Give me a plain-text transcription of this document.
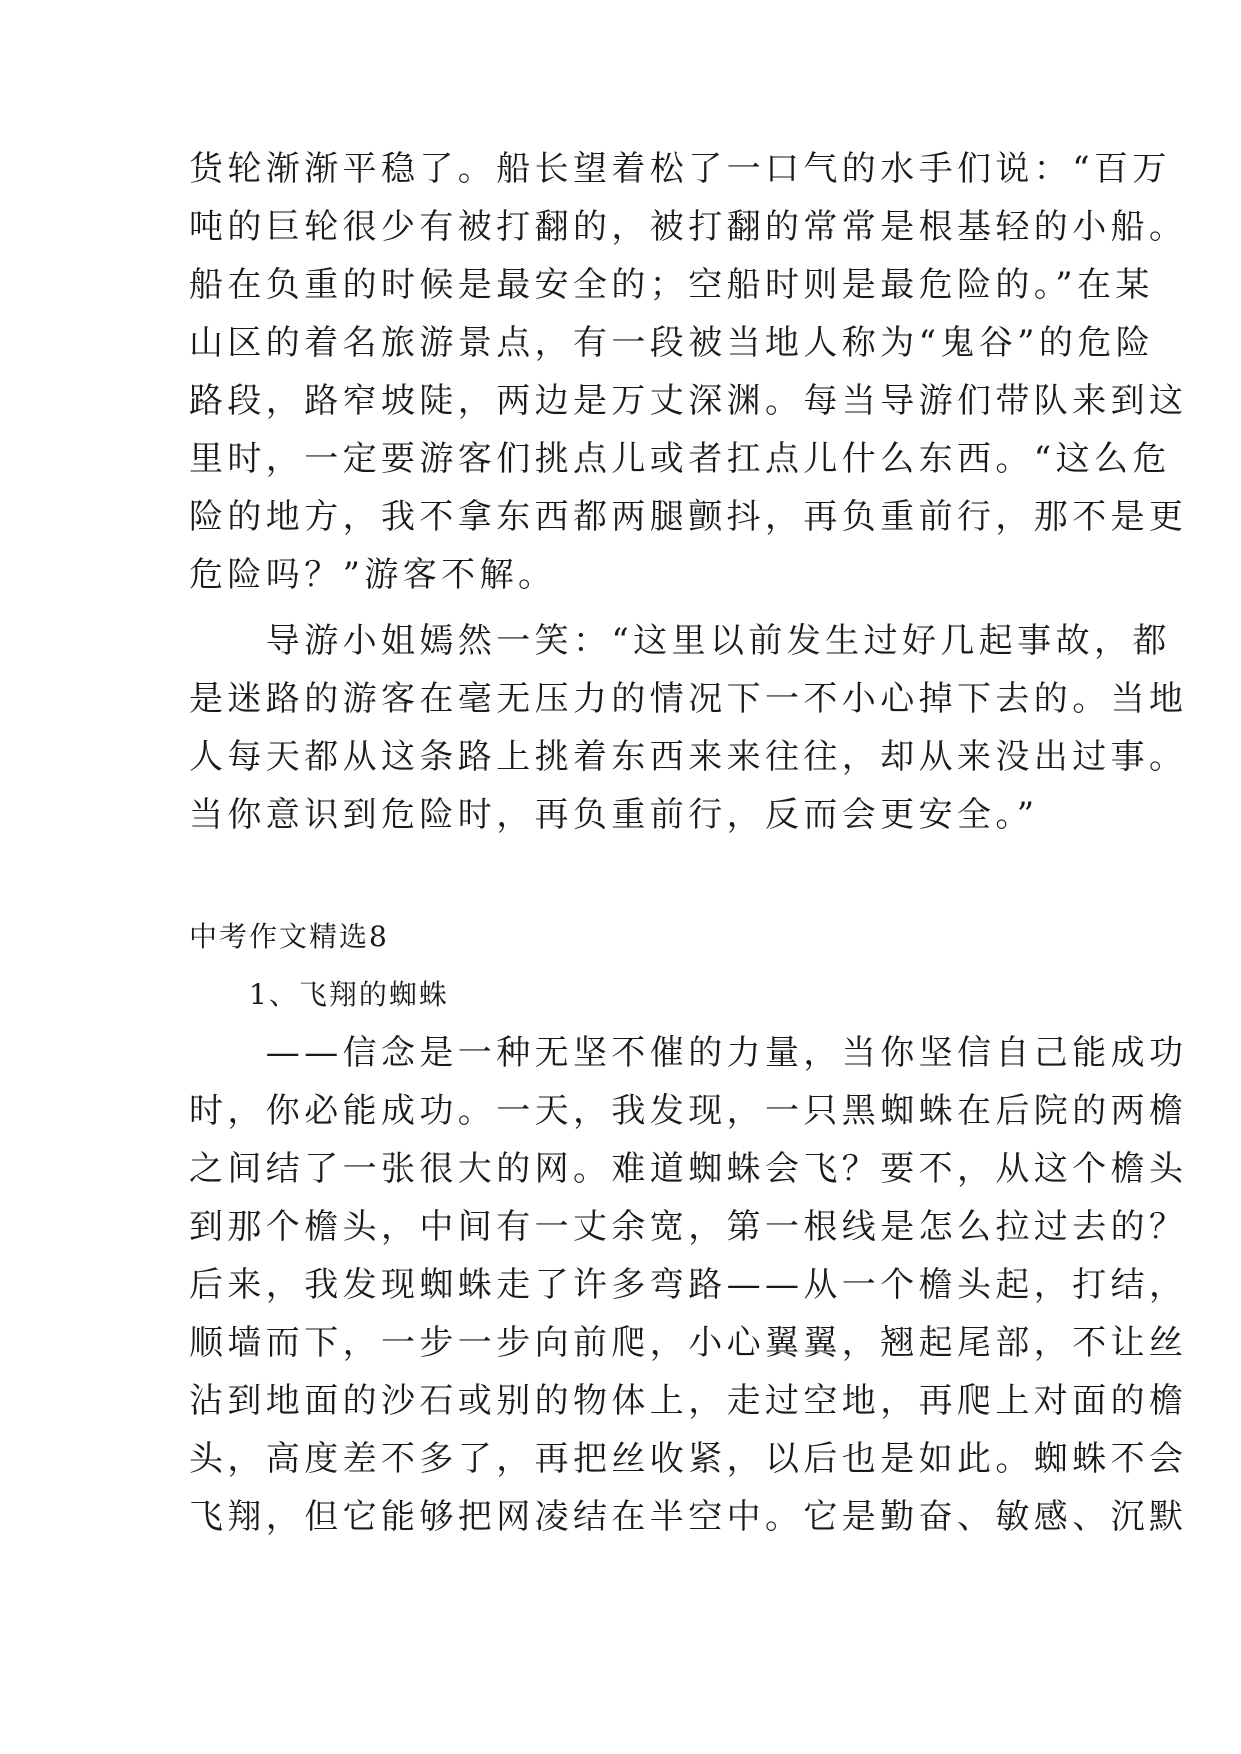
货轮渐渐平稳了。船长望着松了一口气的水手们说：“百万
吨的巨轮很少有被打翻的，被打翻的常常是根基轻的小船。
船在负重的时候是最安全的；空船时则是最危险的。”在某
山区的着名旅游景点，有一段被当地人称为“鬼谷”的危险
路段，路窄坡陡，两边是万丈深渊。每当导游们带队来到这
里时，一定要游客们挑点儿或者扛点儿什么东西。“这么危
险的地方，我不拿东西都两腿颤抖，再负重前行，那不是更
危险吗？”游客不解。
　　导游小姐嫣然一笑：“这里以前发生过好几起事故，都
是迷路的游客在毫无压力的情况下一不小心掉下去的。当地
人每天都从这条路上挑着东西来来往往，却从来没出过事。
当你意识到危险时，再负重前行，反而会更安全。”
中考作文精选8
　　1、飞翔的蜘蛛
　　——信念是一种无坚不催的力量，当你坚信自己能成功
时，你必能成功。一天，我发现，一只黑蜘蛛在后院的两檐
之间结了一张很大的网。难道蜘蛛会飞？要不，从这个檐头
到那个檐头，中间有一丈余宽，第一根线是怎么拉过去的？
后来，我发现蜘蛛走了许多弯路——从一个檐头起，打结，
顺墙而下，一步一步向前爬，小心翼翼，翘起尾部，不让丝
沾到地面的沙石或别的物体上，走过空地，再爬上对面的檐
头，高度差不多了，再把丝收紧，以后也是如此。蜘蛛不会
飞翔，但它能够把网凌结在半空中。它是勤奋、敏感、沉默
